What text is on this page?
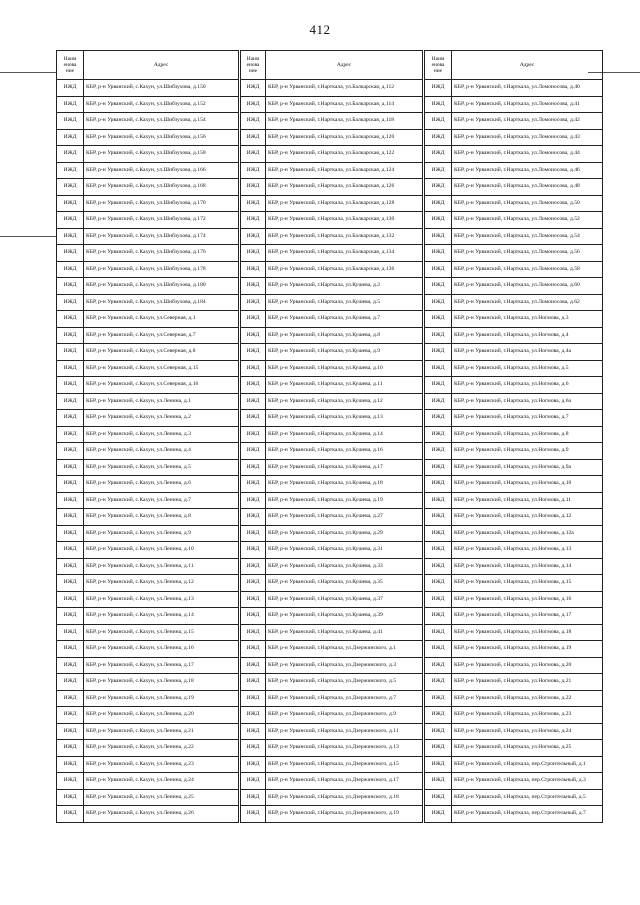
412
Наим енова ние	Адрес
ИЖД	КБР, р-н Урванский, с.Кахун, ул.Шибзухова, д.150
ИЖД	КБР, р-н Урванский, с.Кахун, ул.Шибзухова, д.152
ИЖД	КБР, р-н Урванский, с.Кахун, ул.Шибзухова, д.154
ИЖД	КБР, р-н Урванский, с.Кахун, ул.Шибзухова, д.156
ИЖД	КБР, р-н Урванский, с.Кахун, ул.Шибзухова, д.158
ИЖД	КБР, р-н Урванский, с.Кахун, ул.Шибзухова, д.166
ИЖД	КБР, р-н Урванский, с.Кахун, ул.Шибзухова, д.168
ИЖД	КБР, р-н Урванский, с.Кахун, ул.Шибзухова, д.170
ИЖД	КБР, р-н Урванский, с.Кахун, ул.Шибзухова, д.172
ИЖД	КБР, р-н Урванский, с.Кахун, ул.Шибзухова, д.174
ИЖД	КБР, р-н Урванский, с.Кахун, ул.Шибзухова, д.176
ИЖД	КБР, р-н Урванский, с.Кахун, ул.Шибзухова, д.178
ИЖД	КБР, р-н Урванский, с.Кахун, ул.Шибзухова, д.180
ИЖД	КБР, р-н Урванский, с.Кахун, ул.Шибзухова, д.184
ИЖД	КБР, р-н Урванский, с.Кахун, ул.Северная, д.1
ИЖД	КБР, р-н Урванский, с.Кахун, ул.Северная, д.7
ИЖД	КБР, р-н Урванский, с.Кахун, ул.Северная, д.8
ИЖД	КБР, р-н Урванский, с.Кахун, ул.Северная, д.15
ИЖД	КБР, р-н Урванский, с.Кахун, ул.Северная, д.16
ИЖД	КБР, р-н Урванский, с.Кахун, ул.Ленина, д.1
ИЖД	КБР, р-н Урванский, с.Кахун, ул.Ленина, д.2
ИЖД	КБР, р-н Урванский, с.Кахун, ул.Ленина, д.3
ИЖД	КБР, р-н Урванский, с.Кахун, ул.Ленина, д.4
ИЖД	КБР, р-н Урванский, с.Кахун, ул.Ленина, д.5
ИЖД	КБР, р-н Урванский, с.Кахун, ул.Ленина, д.6
ИЖД	КБР, р-н Урванский, с.Кахун, ул.Ленина, д.7
ИЖД	КБР, р-н Урванский, с.Кахун, ул.Ленина, д.8
ИЖД	КБР, р-н Урванский, с.Кахун, ул.Ленина, д.9
ИЖД	КБР, р-н Урванский, с.Кахун, ул.Ленина, д.10
ИЖД	КБР, р-н Урванский, с.Кахун, ул.Ленина, д.11
ИЖД	КБР, р-н Урванский, с.Кахун, ул.Ленина, д.12
ИЖД	КБР, р-н Урванский, с.Кахун, ул.Ленина, д.13
ИЖД	КБР, р-н Урванский, с.Кахун, ул.Ленина, д.14
ИЖД	КБР, р-н Урванский, с.Кахун, ул.Ленина, д.15
ИЖД	КБР, р-н Урванский, с.Кахун, ул.Ленина, д.16
ИЖД	КБР, р-н Урванский, с.Кахун, ул.Ленина, д.17
ИЖД	КБР, р-н Урванский, с.Кахун, ул.Ленина, д.18
ИЖД	КБР, р-н Урванский, с.Кахун, ул.Ленина, д.19
ИЖД	КБР, р-н Урванский, с.Кахун, ул.Ленина, д.20
ИЖД	КБР, р-н Урванский, с.Кахун, ул.Ленина, д.21
ИЖД	КБР, р-н Урванский, с.Кахун, ул.Ленина, д.22
ИЖД	КБР, р-н Урванский, с.Кахун, ул.Ленина, д.23
ИЖД	КБР, р-н Урванский, с.Кахун, ул.Ленина, д.24
ИЖД	КБР, р-н Урванский, с.Кахун, ул.Ленина, д.25
ИЖД	КБР, р-н Урванский, с.Кахун, ул.Ленина, д.26
Наим енова ние	Адрес
ИЖД	КБР, р-н Урванский, г.Нарткала, ул.Балкарская, д.112
ИЖД	КБР, р-н Урванский, г.Нарткала, ул.Балкарская, д.114
ИЖД	КБР, р-н Урванский, г.Нарткала, ул.Балкарская, д.118
ИЖД	КБР, р-н Урванский, г.Нарткала, ул.Балкарская, д.120
ИЖД	КБР, р-н Урванский, г.Нарткала, ул.Балкарская, д.122
ИЖД	КБР, р-н Урванский, г.Нарткала, ул.Балкарская, д.124
ИЖД	КБР, р-н Урванский, г.Нарткала, ул.Балкарская, д.126
ИЖД	КБР, р-н Урванский, г.Нарткала, ул.Балкарская, д.128
ИЖД	КБР, р-н Урванский, г.Нарткала, ул.Балкарская, д.130
ИЖД	КБР, р-н Урванский, г.Нарткала, ул.Балкарская, д.132
ИЖД	КБР, р-н Урванский, г.Нарткала, ул.Балкарская, д.134
ИЖД	КБР, р-н Урванский, г.Нарткала, ул.Балкарская, д.136
ИЖД	КБР, р-н Урванский, г.Нарткала, ул.Кушева, д.2
ИЖД	КБР, р-н Урванский, г.Нарткала, ул.Кушева, д.5
ИЖД	КБР, р-н Урванский, г.Нарткала, ул.Кушева, д.7
ИЖД	КБР, р-н Урванский, г.Нарткала, ул.Кушева, д.8
ИЖД	КБР, р-н Урванский, г.Нарткала, ул.Кушева, д.9
ИЖД	КБР, р-н Урванский, г.Нарткала, ул.Кушева, д.10
ИЖД	КБР, р-н Урванский, г.Нарткала, ул.Кушева, д.11
ИЖД	КБР, р-н Урванский, г.Нарткала, ул.Кушева, д.12
ИЖД	КБР, р-н Урванский, г.Нарткала, ул.Кушева, д.13
ИЖД	КБР, р-н Урванский, г.Нарткала, ул.Кушева, д.14
ИЖД	КБР, р-н Урванский, г.Нарткала, ул.Кушева, д.16
ИЖД	КБР, р-н Урванский, г.Нарткала, ул.Кушева, д.17
ИЖД	КБР, р-н Урванский, г.Нарткала, ул.Кушева, д.18
ИЖД	КБР, р-н Урванский, г.Нарткала, ул.Кушева, д.19
ИЖД	КБР, р-н Урванский, г.Нарткала, ул.Кушева, д.27
ИЖД	КБР, р-н Урванский, г.Нарткала, ул.Кушева, д.29
ИЖД	КБР, р-н Урванский, г.Нарткала, ул.Кушева, д.31
ИЖД	КБР, р-н Урванский, г.Нарткала, ул.Кушева, д.33
ИЖД	КБР, р-н Урванский, г.Нарткала, ул.Кушева, д.35
ИЖД	КБР, р-н Урванский, г.Нарткала, ул.Кушева, д.37
ИЖД	КБР, р-н Урванский, г.Нарткала, ул.Кушева, д.39
ИЖД	КБР, р-н Урванский, г.Нарткала, ул.Кушева, д.41
ИЖД	КБР, р-н Урванский, г.Нарткала, ул.Дзержинского, д.1
ИЖД	КБР, р-н Урванский, г.Нарткала, ул.Дзержинского, д.3
ИЖД	КБР, р-н Урванский, г.Нарткала, ул.Дзержинского, д.5
ИЖД	КБР, р-н Урванский, г.Нарткала, ул.Дзержинского, д.7
ИЖД	КБР, р-н Урванский, г.Нарткала, ул.Дзержинского, д.9
ИЖД	КБР, р-н Урванский, г.Нарткала, ул.Дзержинского, д.11
ИЖД	КБР, р-н Урванский, г.Нарткала, ул.Дзержинского, д.13
ИЖД	КБР, р-н Урванский, г.Нарткала, ул.Дзержинского, д.15
ИЖД	КБР, р-н Урванский, г.Нарткала, ул.Дзержинского, д.17
ИЖД	КБР, р-н Урванский, г.Нарткала, ул.Дзержинского, д.18
ИЖД	КБР, р-н Урванский, г.Нарткала, ул.Дзержинского, д.19
Наим енова ние	Адрес
ИЖД	КБР, р-н Урванский, г.Нарткала, ул.Ломоносова, д.40
ИЖД	КБР, р-н Урванский, г.Нарткала, ул.Ломоносова, д.41
ИЖД	КБР, р-н Урванский, г.Нарткала, ул.Ломоносова, д.42
ИЖД	КБР, р-н Урванский, г.Нарткала, ул.Ломоносова, д.43
ИЖД	КБР, р-н Урванский, г.Нарткала, ул.Ломоносова, д.44
ИЖД	КБР, р-н Урванский, г.Нарткала, ул.Ломоносова, д.46
ИЖД	КБР, р-н Урванский, г.Нарткала, ул.Ломоносова, д.48
ИЖД	КБР, р-н Урванский, г.Нарткала, ул.Ломоносова, д.50
ИЖД	КБР, р-н Урванский, г.Нарткала, ул.Ломоносова, д.52
ИЖД	КБР, р-н Урванский, г.Нарткала, ул.Ломоносова, д.54
ИЖД	КБР, р-н Урванский, г.Нарткала, ул.Ломоносова, д.56
ИЖД	КБР, р-н Урванский, г.Нарткала, ул.Ломоносова, д.58
ИЖД	КБР, р-н Урванский, г.Нарткала, ул.Ломоносова, д.60
ИЖД	КБР, р-н Урванский, г.Нарткала, ул.Ломоносова, д.62
ИЖД	КБР, р-н Урванский, г.Нарткала, ул.Ногмова, д.3
ИЖД	КБР, р-н Урванский, г.Нарткала, ул.Ногмова, д.4
ИЖД	КБР, р-н Урванский, г.Нарткала, ул.Ногмова, д.4а
ИЖД	КБР, р-н Урванский, г.Нарткала, ул.Ногмова, д.5
ИЖД	КБР, р-н Урванский, г.Нарткала, ул.Ногмова, д.6
ИЖД	КБР, р-н Урванский, г.Нарткала, ул.Ногмова, д.6а
ИЖД	КБР, р-н Урванский, г.Нарткала, ул.Ногмова, д.7
ИЖД	КБР, р-н Урванский, г.Нарткала, ул.Ногмова, д.8
ИЖД	КБР, р-н Урванский, г.Нарткала, ул.Ногмова, д.9
ИЖД	КБР, р-н Урванский, г.Нарткала, ул.Ногмова, д.9а
ИЖД	КБР, р-н Урванский, г.Нарткала, ул.Ногмова, д.10
ИЖД	КБР, р-н Урванский, г.Нарткала, ул.Ногмова, д.11
ИЖД	КБР, р-н Урванский, г.Нарткала, ул.Ногмова, д.12
ИЖД	КБР, р-н Урванский, г.Нарткала, ул.Ногмова, д.12а
ИЖД	КБР, р-н Урванский, г.Нарткала, ул.Ногмова, д.13
ИЖД	КБР, р-н Урванский, г.Нарткала, ул.Ногмова, д.14
ИЖД	КБР, р-н Урванский, г.Нарткала, ул.Ногмова, д.15
ИЖД	КБР, р-н Урванский, г.Нарткала, ул.Ногмова, д.16
ИЖД	КБР, р-н Урванский, г.Нарткала, ул.Ногмова, д.17
ИЖД	КБР, р-н Урванский, г.Нарткала, ул.Ногмова, д.18
ИЖД	КБР, р-н Урванский, г.Нарткала, ул.Ногмова, д.19
ИЖД	КБР, р-н Урванский, г.Нарткала, ул.Ногмова, д.20
ИЖД	КБР, р-н Урванский, г.Нарткала, ул.Ногмова, д.21
ИЖД	КБР, р-н Урванский, г.Нарткала, ул.Ногмова, д.22
ИЖД	КБР, р-н Урванский, г.Нарткала, ул.Ногмова, д.23
ИЖД	КБР, р-н Урванский, г.Нарткала, ул.Ногмова, д.24
ИЖД	КБР, р-н Урванский, г.Нарткала, ул.Ногмова, д.25
ИЖД	КБР, р-н Урванский, г.Нарткала, пер.Строительный, д.1
ИЖД	КБР, р-н Урванский, г.Нарткала, пер.Строительный, д.3
ИЖД	КБР, р-н Урванский, г.Нарткала, пер.Строительный, д.5
ИЖД	КБР, р-н Урванский, г.Нарткала, пер.Строительный, д.7
